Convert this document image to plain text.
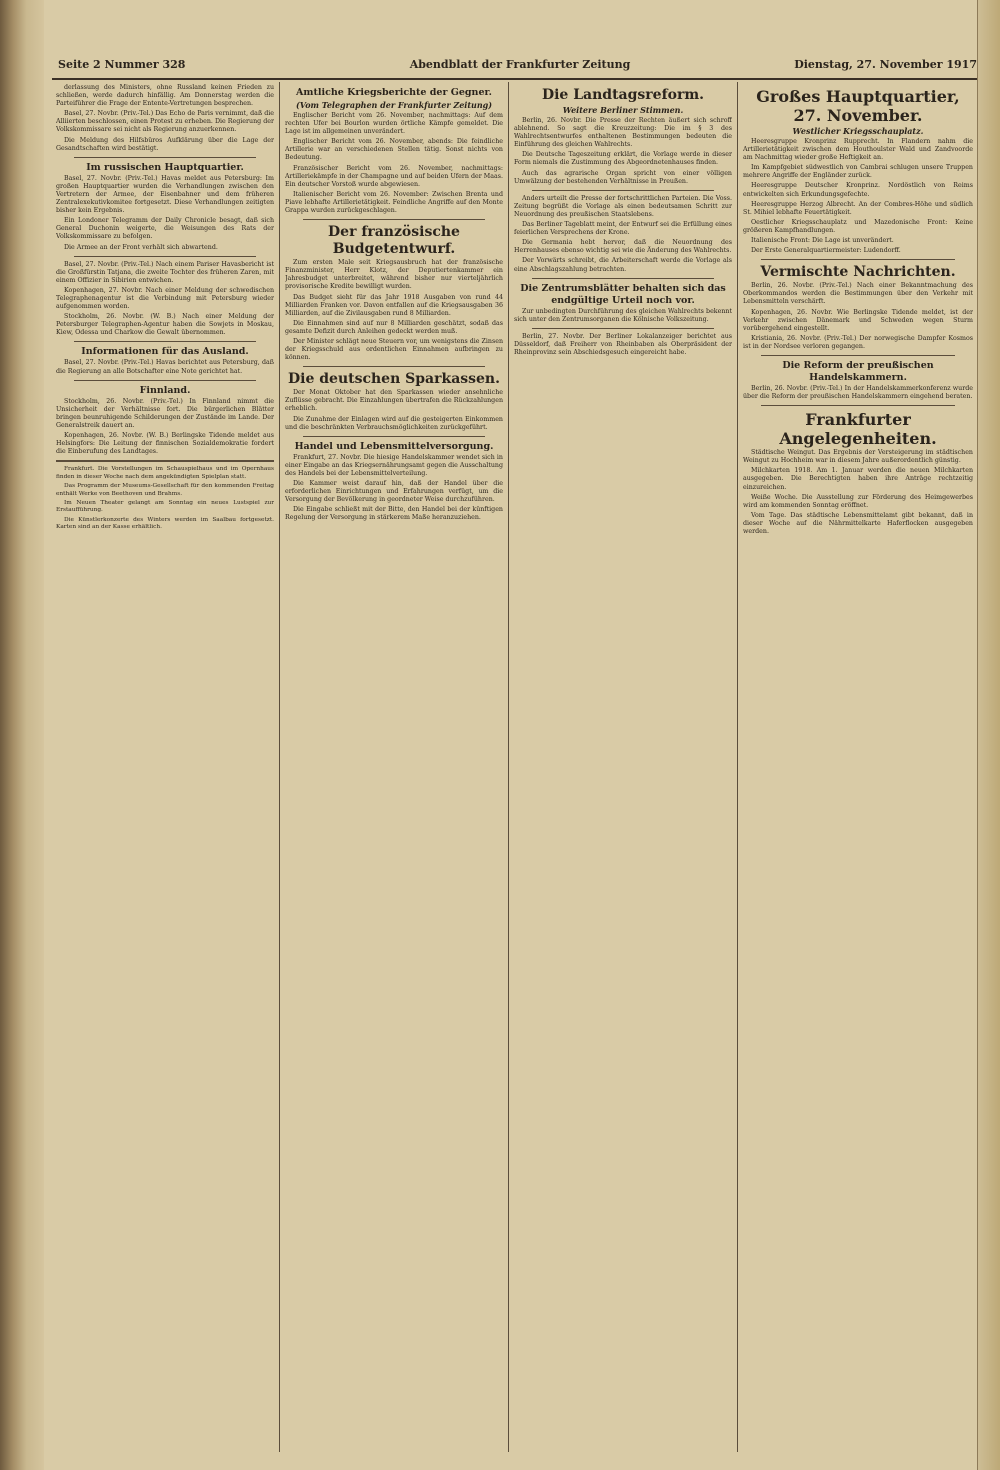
Seite 2 Nummer 328	Abendblatt der Frankfurter Zeitung	Dienstag, 27. November 1917

derlassung des Ministers, ohne Russland keinen Frieden zu schließen, werde dadurch hinfällig. Am Donnerstag werden die Parteiführer die Frage der Entente-Vertretungen besprechen.

Basel, 27. Novbr. (Priv.-Tel.) Das Echo de Paris vernimmt, daß die Alliierten beschlossen, einen Protest zu erheben. Die Regierung der Volkskommissare sei nicht als Regierung anzuerkennen.

Die Meldung des Hilfsbüros Aufklärung über die Lage der Gesandtschaften wird bestätigt.

Im russischen Hauptquartier.

Basel, 27. Novbr. (Priv.-Tel.) Havas meldet aus Petersburg: Im großen Hauptquartier wurden die Verhandlungen zwischen den Vertretern der Armee, der Eisenbahner und dem früheren Zentralexekutivkomitee fortgesetzt. Diese Verhandlungen zeitigten bisher kein Ergebnis.

Ein Londoner Telegramm der Daily Chronicle besagt, daß sich General Duchonin weigerte, die Weisungen des Rats der Volkskommissare zu befolgen.

Die Armee an der Front verhält sich abwartend.

Basel, 27. Novbr. (Priv.-Tel.) Nach einem Pariser Havasbericht ist die Großfürstin Tatjana, die zweite Tochter des früheren Zaren, mit einem Offizier in Sibirien entwichen.

Kopenhagen, 27. Novbr. Nach einer Meldung der schwedischen Telegraphenagentur ist die Verbindung mit Petersburg wieder aufgenommen worden.

Stockholm, 26. Novbr. (W. B.) Nach einer Meldung der Petersburger Telegraphen-Agentur haben die Sowjets in Moskau, Kiew, Odessa und Charkow die Gewalt übernommen.

Informationen für das Ausland.

Basel, 27. Novbr. (Priv.-Tel.) Havas berichtet aus Petersburg, daß die Regierung an alle Botschafter eine Note gerichtet hat.

Finnland.

Stockholm, 26. Novbr. (Priv.-Tel.) In Finnland nimmt die Unsicherheit der Verhältnisse fort. Die bürgerlichen Blätter bringen beunruhigende Schilderungen der Zustände im Lande. Der Generalstreik dauert an.

Kopenhagen, 26. Novbr. (W. B.) Berlingske Tidende meldet aus Helsingfors: Die Leitung der finnischen Sozialdemokratie fordert die Einberufung des Landtages.

Frankfurt. Die Vorstellungen im Schauspielhaus und im Opernhaus finden in dieser Woche nach dem angekündigten Spielplan statt.

Das Programm der Museums-Gesellschaft für den kommenden Freitag enthält Werke von Beethoven und Brahms.

Im Neuen Theater gelangt am Sonntag ein neues Lustspiel zur Erstaufführung.

Die Künstlerkonzerte des Winters werden im Saalbau fortgesetzt. Karten sind an der Kasse erhältlich.

Amtliche Kriegsberichte der Gegner.
(Vom Telegraphen der Frankfurter Zeitung)

Englischer Bericht vom 26. November, nachmittags: Auf dem rechten Ufer bei Bourlon wurden örtliche Kämpfe gemeldet. Die Lage ist im allgemeinen unverändert.

Englischer Bericht vom 26. November, abends: Die feindliche Artillerie war an verschiedenen Stellen tätig. Sonst nichts von Bedeutung.

Französischer Bericht vom 26. November, nachmittags: Artilleriekämpfe in der Champagne und auf beiden Ufern der Maas. Ein deutscher Vorstoß wurde abgewiesen.

Italienischer Bericht vom 26. November: Zwischen Brenta und Piave lebhafte Artillerietätigkeit. Feindliche Angriffe auf den Monte Grappa wurden zurückgeschlagen.

Der französische Budgetentwurf.

Zum ersten Male seit Kriegsausbruch hat der französische Finanzminister, Herr Klotz, der Deputiertenkammer ein Jahresbudget unterbreitet, während bisher nur vierteljährlich provisorische Kredite bewilligt wurden.

Das Budget sieht für das Jahr 1918 Ausgaben von rund 44 Milliarden Franken vor. Davon entfallen auf die Kriegsausgaben 36 Milliarden, auf die Zivilausgaben rund 8 Milliarden.

Die Einnahmen sind auf nur 8 Milliarden geschätzt, sodaß das gesamte Defizit durch Anleihen gedeckt werden muß.

Der Minister schlägt neue Steuern vor, um wenigstens die Zinsen der Kriegsschuld aus ordentlichen Einnahmen aufbringen zu können.

Die deutschen Sparkassen.

Der Monat Oktober hat den Sparkassen wieder ansehnliche Zuflüsse gebracht. Die Einzahlungen übertrafen die Rückzahlungen erheblich.

Die Zunahme der Einlagen wird auf die gesteigerten Einkommen und die beschränkten Verbrauchsmöglichkeiten zurückgeführt.

Handel und Lebensmittelversorgung.

Frankfurt, 27. Novbr. Die hiesige Handelskammer wendet sich in einer Eingabe an das Kriegsernährungsamt gegen die Ausschaltung des Handels bei der Lebensmittelverteilung.

Die Kammer weist darauf hin, daß der Handel über die erforderlichen Einrichtungen und Erfahrungen verfügt, um die Versorgung der Bevölkerung in geordneter Weise durchzuführen.

Die Eingabe schließt mit der Bitte, den Handel bei der künftigen Regelung der Versorgung in stärkerem Maße heranzuziehen.

Die Landtagsreform.
Weitere Berliner Stimmen.

Berlin, 26. Novbr. Die Presse der Rechten äußert sich schroff ablehnend. So sagt die Kreuzzeitung: Die im § 3 des Wahlrechtsentwurfes enthaltenen Bestimmungen bedeuten die Einführung des gleichen Wahlrechts.

Die Deutsche Tageszeitung erklärt, die Vorlage werde in dieser Form niemals die Zustimmung des Abgeordnetenhauses finden.

Auch das agrarische Organ spricht von einer völligen Umwälzung der bestehenden Verhältnisse in Preußen.

Anders urteilt die Presse der fortschrittlichen Parteien. Die Voss. Zeitung begrüßt die Vorlage als einen bedeutsamen Schritt zur Neuordnung des preußischen Staatslebens.

Das Berliner Tageblatt meint, der Entwurf sei die Erfüllung eines feierlichen Versprechens der Krone.

Die Germania hebt hervor, daß die Neuordnung des Herrenhauses ebenso wichtig sei wie die Änderung des Wahlrechts.

Der Vorwärts schreibt, die Arbeiterschaft werde die Vorlage als eine Abschlagszahlung betrachten.

Die Zentrumsblätter behalten sich das endgültige Urteil noch vor.

Zur unbedingten Durchführung des gleichen Wahlrechts bekennt sich unter den Zentrumsorganen die Kölnische Volkszeitung.

Berlin, 27. Novbr. Der Berliner Lokalanzeiger berichtet aus Düsseldorf, daß Freiherr von Rheinbaben als Oberpräsident der Rheinprovinz sein Abschiedsgesuch eingereicht habe.

Großes Hauptquartier, 27. November.
Westlicher Kriegsschauplatz.

Heeresgruppe Kronprinz Rupprecht. In Flandern nahm die Artillerietätigkeit zwischen dem Houthoulster Wald und Zandvoorde am Nachmittag wieder große Heftigkeit an.

Im Kampfgebiet südwestlich von Cambrai schlugen unsere Truppen mehrere Angriffe der Engländer zurück.

Heeresgruppe Deutscher Kronprinz. Nordöstlich von Reims entwickelten sich Erkundungsgefechte.

Heeresgruppe Herzog Albrecht. An der Combres-Höhe und südlich St. Mihiel lebhafte Feuertätigkeit.

Oestlicher Kriegsschauplatz und Mazedonische Front: Keine größeren Kampfhandlungen.

Italienische Front: Die Lage ist unverändert.

Der Erste Generalquartiermeister: Ludendorff.

Vermischte Nachrichten.

Berlin, 26. Novbr. (Priv.-Tel.) Nach einer Bekanntmachung des Oberkommandos werden die Bestimmungen über den Verkehr mit Lebensmitteln verschärft.

Kopenhagen, 26. Novbr. Wie Berlingske Tidende meldet, ist der Verkehr zwischen Dänemark und Schweden wegen Sturm vorübergehend eingestellt.

Kristiania, 26. Novbr. (Priv.-Tel.) Der norwegische Dampfer Kosmos ist in der Nordsee verloren gegangen.

Die Reform der preußischen Handelskammern.

Berlin, 26. Novbr. (Priv.-Tel.) In der Handelskammerkonferenz wurde über die Reform der preußischen Handelskammern eingehend beraten.

Frankfurter Angelegenheiten.

Städtische Weingut. Das Ergebnis der Versteigerung im städtischen Weingut zu Hochheim war in diesem Jahre außerordentlich günstig.

Milchkarten 1918. Am 1. Januar werden die neuen Milchkarten ausgegeben. Die Berechtigten haben ihre Anträge rechtzeitig einzureichen.

Weiße Woche. Die Ausstellung zur Förderung des Heimgewerbes wird am kommenden Sonntag eröffnet.

Vom Tage. Das städtische Lebensmittelamt gibt bekannt, daß in dieser Woche auf die Nährmittelkarte Haferflocken ausgegeben werden.
